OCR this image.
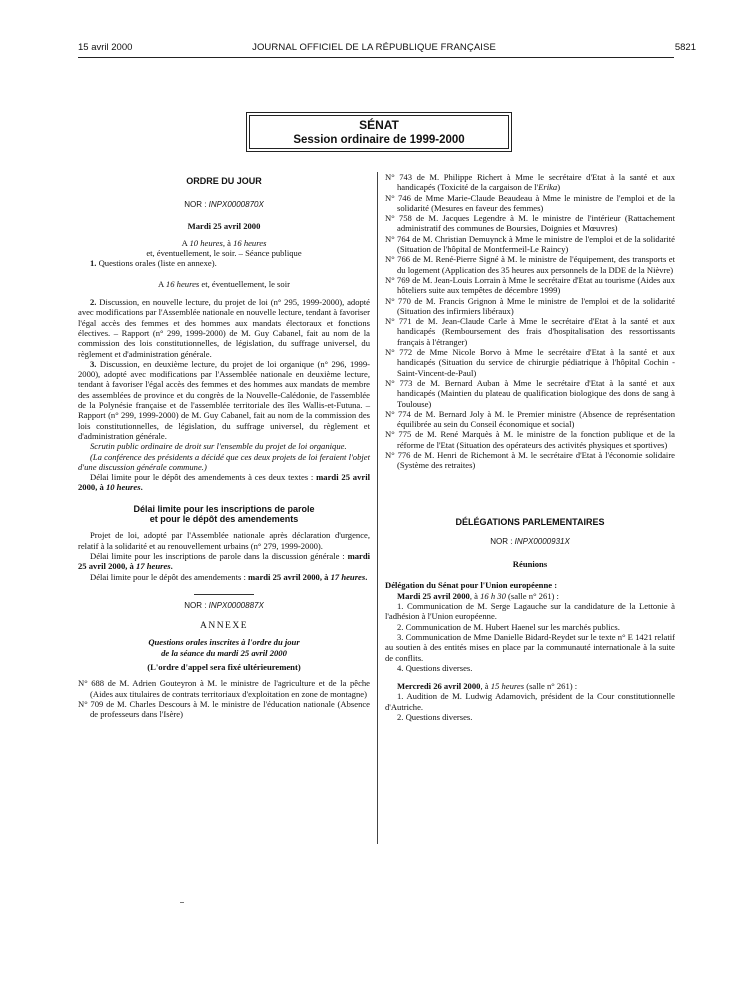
15 avril 2000	JOURNAL OFFICIEL DE LA RÉPUBLIQUE FRANÇAISE	5821
SÉNAT
Session ordinaire de 1999-2000
ORDRE DU JOUR
NOR : INPX0000870X
Mardi 25 avril 2000
A 10 heures, à 16 heures
et, éventuellement, le soir. – Séance publique

1. Questions orales (liste en annexe).

A 16 heures et, éventuellement, le soir

2. Discussion, en nouvelle lecture, du projet de loi (n° 295, 1999-2000), adopté avec modifications par l'Assemblée nationale en nouvelle lecture, tendant à favoriser l'égal accès des femmes et des hommes aux mandats électoraux et fonctions électives. – Rapport (n° 299, 1999-2000) de M. Guy Cabanel, fait au nom de la commission des lois constitutionnelles, de législation, du suffrage universel, du règlement et d'administration générale.

3. Discussion, en deuxième lecture, du projet de loi organique (n° 296, 1999-2000), adopté avec modifications par l'Assemblée nationale en deuxième lecture, tendant à favoriser l'égal accès des femmes et des hommes aux mandats de membre des assemblées de province et du congrès de la Nouvelle-Calédonie, de l'assemblée de la Polynésie française et de l'assemblée territoriale des îles Wallis-et-Futuna. – Rapport (n° 299, 1999-2000) de M. Guy Cabanel, fait au nom de la commission des lois constitutionnelles, de législation, du suffrage universel, du règlement et d'administration générale.

Scrutin public ordinaire de droit sur l'ensemble du projet de loi organique.

(La conférence des présidents a décidé que ces deux projets de loi feraient l'objet d'une discussion générale commune.)

Délai limite pour le dépôt des amendements à ces deux textes : mardi 25 avril 2000, à 10 heures.

Délai limite pour les inscriptions de parole
et pour le dépôt des amendements

Projet de loi, adopté par l'Assemblée nationale après déclaration d'urgence, relatif à la solidarité et au renouvellement urbains (n° 279, 1999-2000).

Délai limite pour les inscriptions de parole dans la discussion générale : mardi 25 avril 2000, à 17 heures.

Délai limite pour le dépôt des amendements : mardi 25 avril 2000, à 17 heures.

NOR : INPX0000887X
ANNEXE
Questions orales inscrites à l'ordre du jour
de la séance du mardi 25 avril 2000
(L'ordre d'appel sera fixé ultérieurement)

N° 688 de M. Adrien Gouteyron à M. le ministre de l'agriculture et de la pêche (Aides aux titulaires de contrats territoriaux d'exploitation en zone de montagne)

N° 709 de M. Charles Descours à M. le ministre de l'éducation nationale (Absence de professeurs dans l'Isère)

N° 743 de M. Philippe Richert à Mme le secrétaire d'Etat à la santé et aux handicapés (Toxicité de la cargaison de l'Erika)

N° 746 de Mme Marie-Claude Beaudeau à Mme le ministre de l'emploi et de la solidarité (Mesures en faveur des femmes)

N° 758 de M. Jacques Legendre à M. le ministre de l'intérieur (Rattachement administratif des communes de Boursies, Doignies et Mœuvres)

N° 764 de M. Christian Demuynck à Mme le ministre de l'emploi et de la solidarité (Situation de l'hôpital de Montfermeil-Le Raincy)

N° 766 de M. René-Pierre Signé à M. le ministre de l'équipement, des transports et du logement (Application des 35 heures aux personnels de la DDE de la Nièvre)

N° 769 de M. Jean-Louis Lorrain à Mme le secrétaire d'Etat au tourisme (Aides aux hôteliers suite aux tempêtes de décembre 1999)

N° 770 de M. Francis Grignon à Mme le ministre de l'emploi et de la solidarité (Situation des infirmiers libéraux)

N° 771 de M. Jean-Claude Carle à Mme le secrétaire d'Etat à la santé et aux handicapés (Remboursement des frais d'hospitalisation des ressortissants français à l'étranger)

N° 772 de Mme Nicole Borvo à Mme le secrétaire d'Etat à la santé et aux handicapés (Situation du service de chirurgie pédiatrique à l'hôpital Cochin - Saint-Vincent-de-Paul)

N° 773 de M. Bernard Auban à Mme le secrétaire d'Etat à la santé et aux handicapés (Maintien du plateau de qualification biologique des dons de sang à Toulouse)

N° 774 de M. Bernard Joly à M. le Premier ministre (Absence de représentation équilibrée au sein du Conseil économique et social)

N° 775 de M. René Marquès à M. le ministre de la fonction publique et de la réforme de l'Etat (Situation des opérateurs des activités physiques et sportives)

N° 776 de M. Henri de Richemont à M. le secrétaire d'Etat à l'économie solidaire (Système des retraites)

DÉLÉGATIONS PARLEMENTAIRES
NOR : INPX0000931X
Réunions

Délégation du Sénat pour l'Union européenne :

Mardi 25 avril 2000, à 16 h 30 (salle n° 261) :

1. Communication de M. Serge Lagauche sur la candidature de la Lettonie à l'adhésion à l'Union européenne.

2. Communication de M. Hubert Haenel sur les marchés publics.

3. Communication de Mme Danielle Bidard-Reydet sur le texte n° E 1421 relatif au soutien à des entités mises en place par la communauté internationale à la suite de conflits.

4. Questions diverses.

Mercredi 26 avril 2000, à 15 heures (salle n° 261) :

1. Audition de M. Ludwig Adamovich, président de la Cour constitutionnelle d'Autriche.

2. Questions diverses.
